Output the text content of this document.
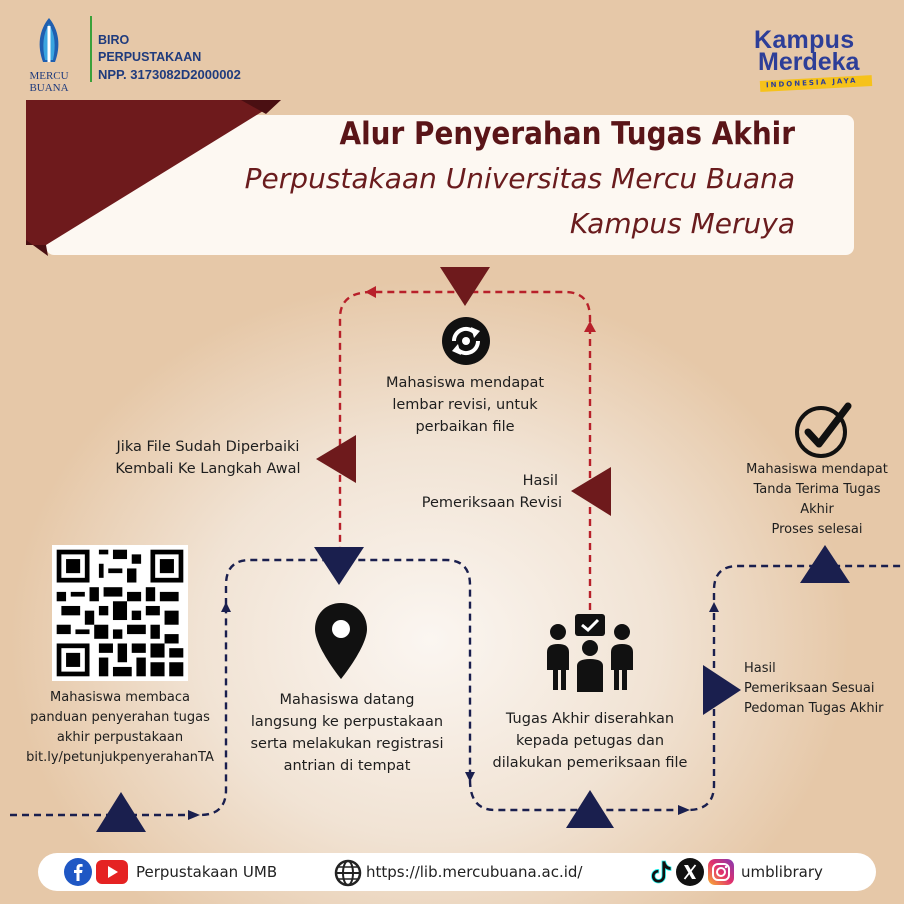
MERCU BUANA
BIRO
PERPUSTAKAAN
NPP. 3173082D2000002
Kampus
Merdeka
INDONESIA JAYA
Alur Penyerahan Tugas Akhir
Perpustakaan Universitas Mercu Buana
Kampus Meruya
Mahasiswa mendapat
lembar revisi, untuk
perbaikan file
Jika File Sudah Diperbaiki
Kembali Ke Langkah Awal
Hasil
Pemeriksaan Revisi
Mahasiswa mendapat
Tanda Terima Tugas
Akhir
Proses selesai
Mahasiswa membaca
panduan penyerahan tugas
akhir perpustakaan
bit.ly/petunjukpenyerahanTA
Mahasiswa datang
langsung ke perpustakaan
serta melakukan registrasi
antrian di tempat
Tugas Akhir diserahkan
kepada petugas dan
dilakukan pemeriksaan file
Hasil
Pemeriksaan Sesuai
Pedoman Tugas Akhir
Perpustakaan UMB	https://lib.mercubuana.ac.id/	umblibrary
